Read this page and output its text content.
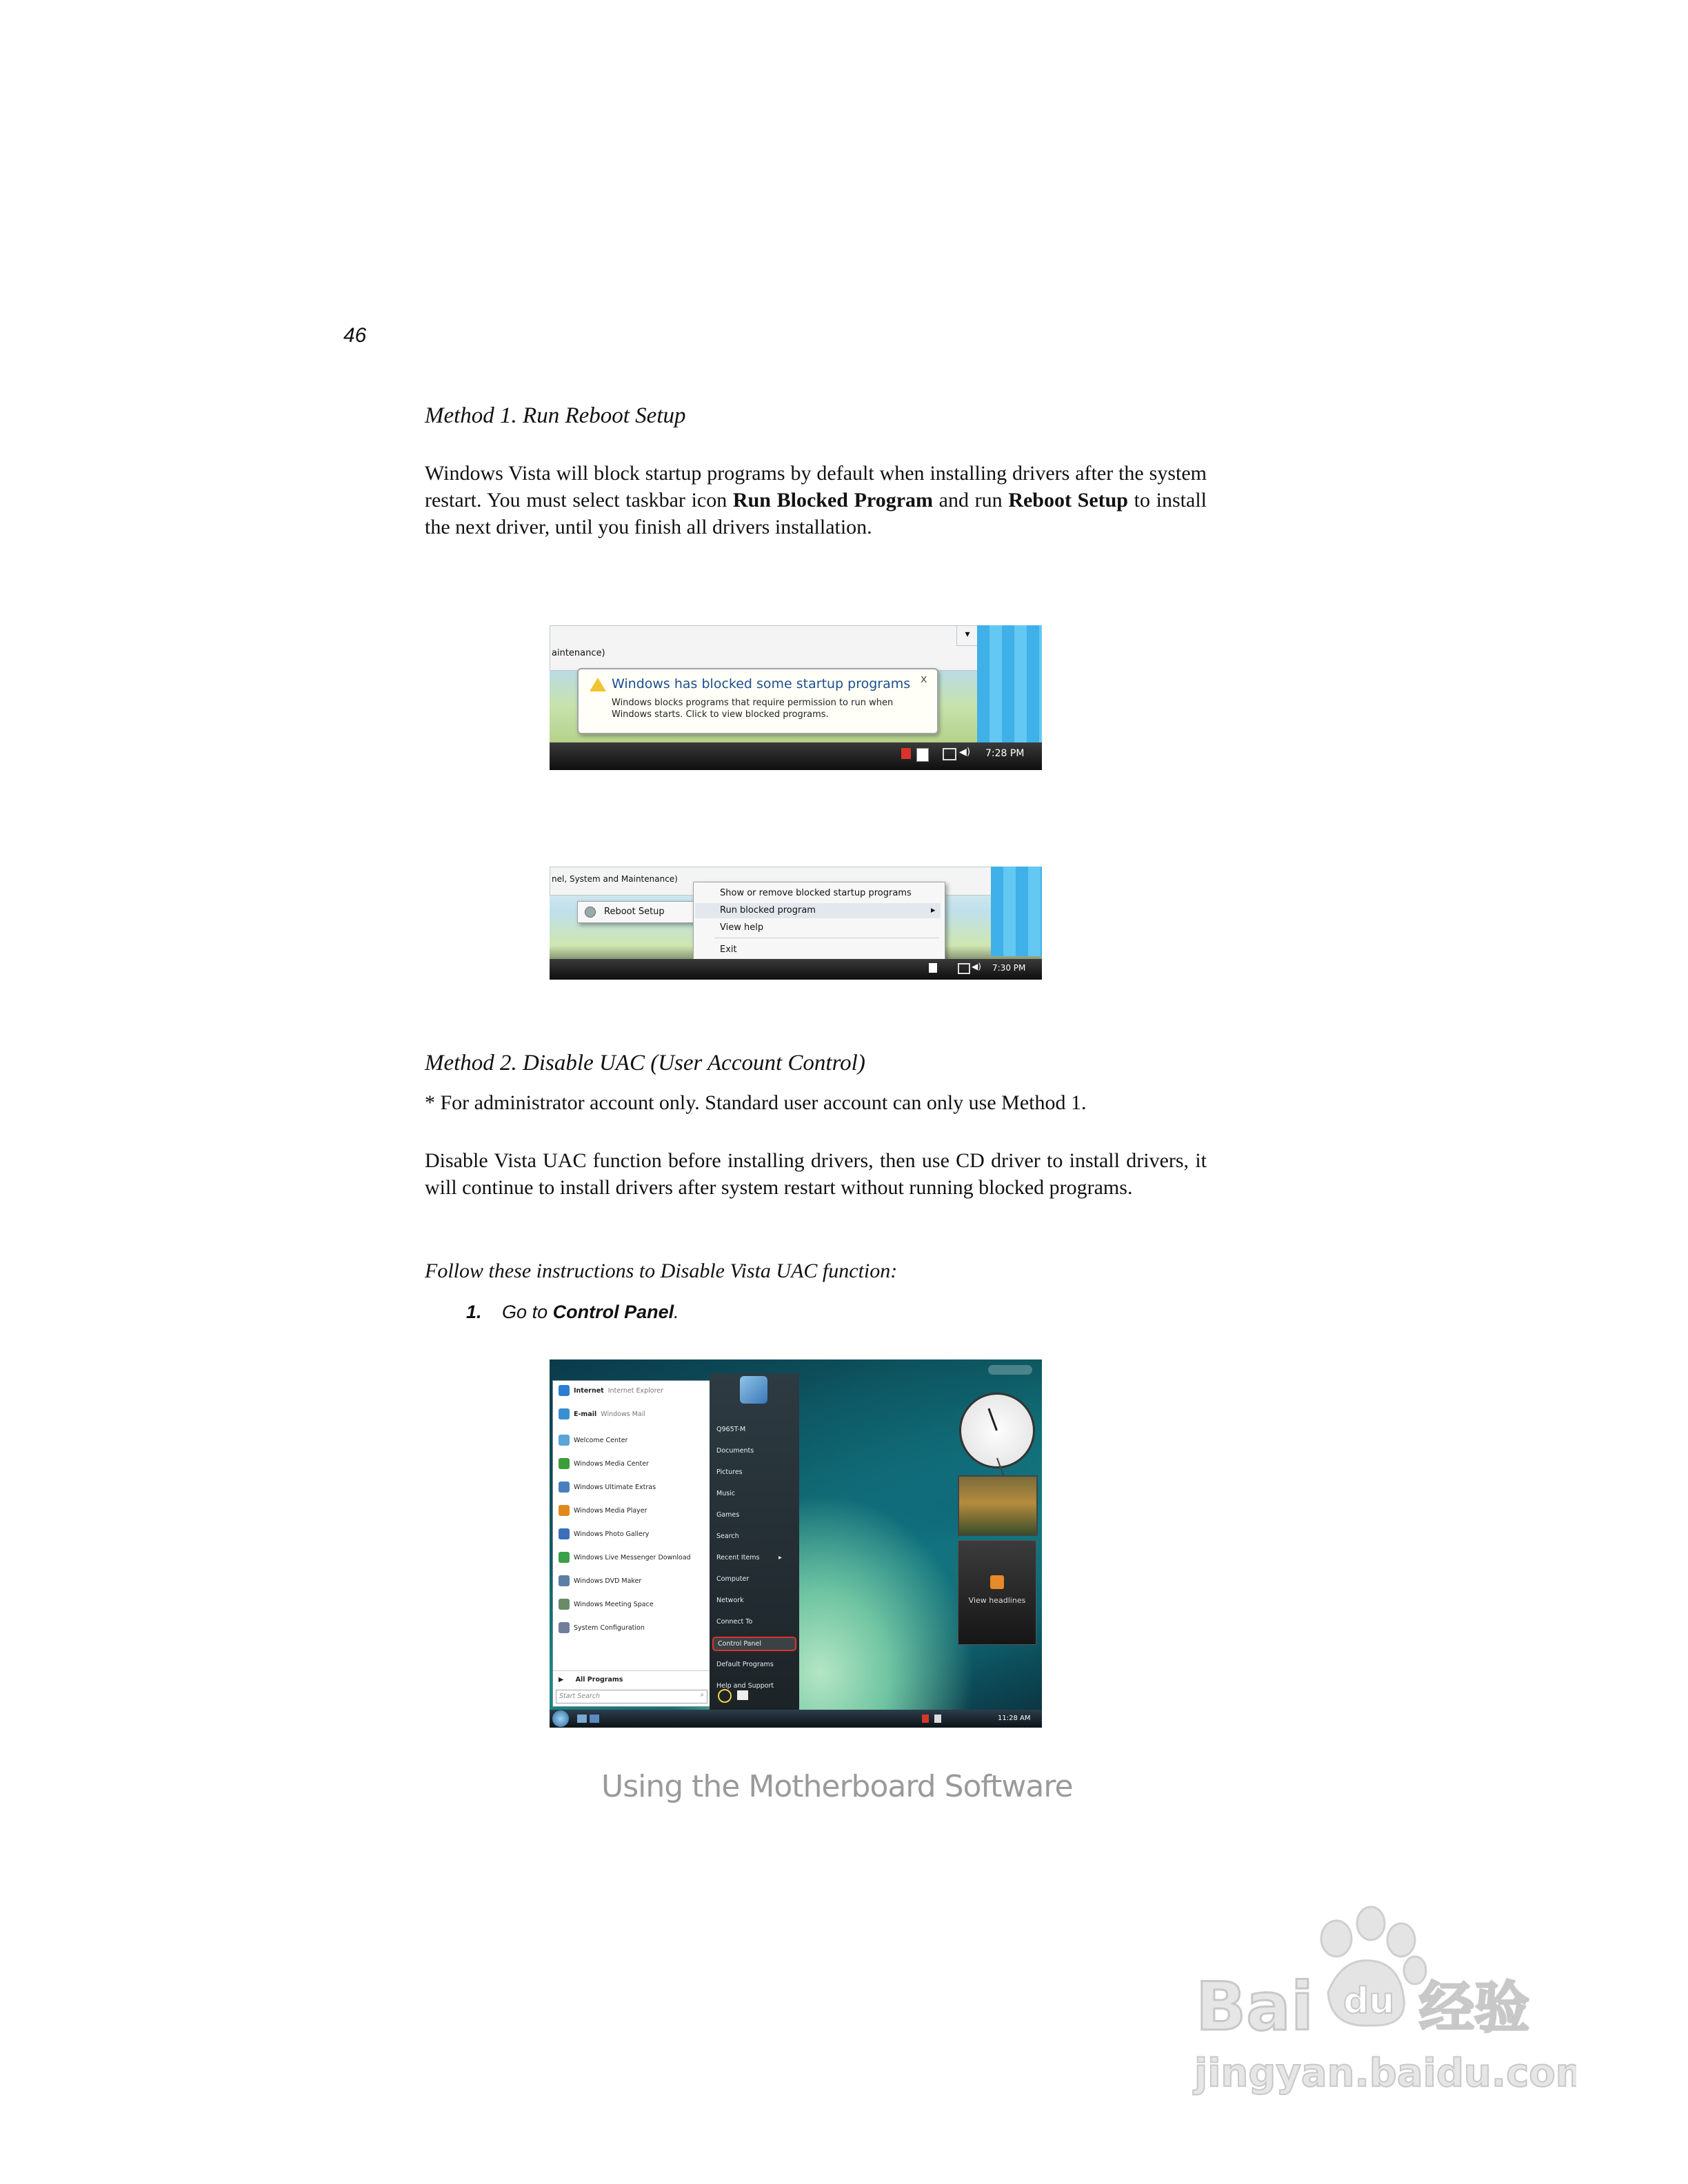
46
Method 1. Run Reboot Setup
Windows Vista will block startup programs by default when installing drivers after the system restart. You must select taskbar icon Run Blocked Program and run Reboot Setup to install the next driver, until you finish all drivers installation.
aintenance)
▾
Windows has blocked some startup programs
Windows blocks programs that require permission to run when Windows starts. Click to view blocked programs.
x
◀) 7:28 PM
nel, System and Maintenance)
Reboot Setup
Show or remove blocked startup programs
Run blocked program	▸
View help
Exit
◀) 7:30 PM
Method 2. Disable UAC (User Account Control)
* For administrator account only. Standard user account can only use Method 1.
Disable Vista UAC function before installing drivers, then use CD driver to install drivers, it will continue to install drivers after system restart without running blocked programs.
Follow these instructions to Disable Vista UAC function:
1. Go to Control Panel.
Internet Internet Explorer
E-mail Windows Mail
Welcome Center
Windows Media Center
Windows Ultimate Extras
Windows Media Player
Windows Photo Gallery
Windows Live Messenger Download
Windows DVD Maker
Windows Meeting Space
System Configuration
▶ All Programs
Start Search	⌕
Q965T-M
Documents
Pictures
Music
Games
Search
▸
Recent Items
Computer
Network
Connect To
Control Panel
Default Programs
Help and Support
View headlines
11:28 AM
Using the Motherboard Software
Bai du 经验
jingyan.baidu.com
